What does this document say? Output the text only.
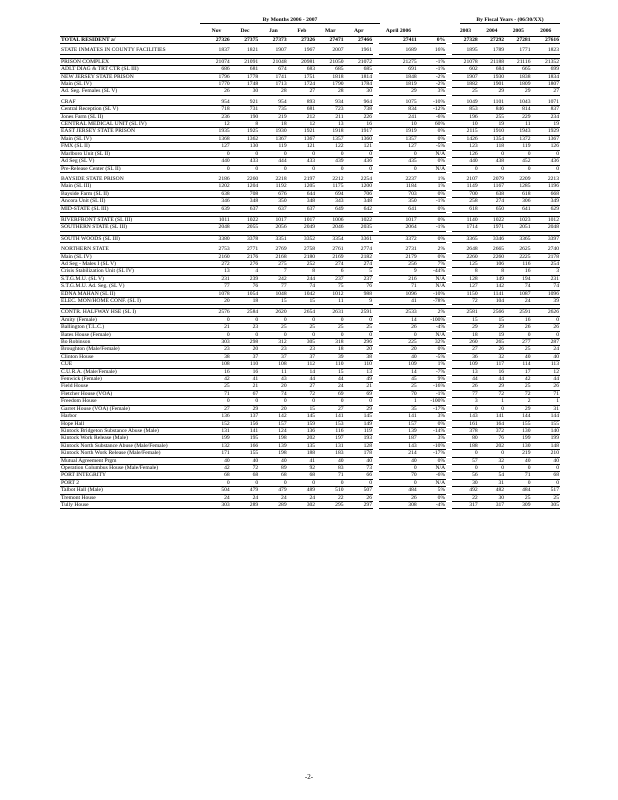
By Months 2006 - 2007	By Fiscal Years - (06/30/XX)
	Nov	Dec	Jan	Feb	Mar	Apr		April 2006			2003	2004	2005	2006
TOTAL RESIDENT a/	27326	27375	27373	27326	27471	27466		27411	0%		27328	27292	27281	27616

STATE INMATES IN COUNTY FACILITIES	1837	1821	1907	1967	2007	1961		1689	16%		1895	1789	1771	1823

PRISON COMPLEX	21074	21091	21048	20981	21050	21072		21275	-1%		21078	21188	21116	21352
ADLT DIAG & TRT CTR (SL III)	686	681	674	683	685	685		691	-1%		602	684	665	699
NEW JERSEY STATE PRISON	1796	1778	1741	1751	1818	1814		1848	-2%		1907	1930	1838	1834
Main (SL IV)	1770	1748	1713	1724	1790	1784		1819	-2%		1882	1901	1809	1807
Ad. Seg. Females (SL V)	26	30	28	27	28	30		29	3%		25	29	29	27

CRAF	954	921	954	893	934	964		1075	-10%		1049	1101	1043	1071
Central Reception (SL V)	718	731	735	681	723	738		834	-12%		853	846	814	837
Jones Farm (SL II)	236	190	219	212	211	226		241	-6%		196	255	229	234
CENTRAL MEDICAL UNIT (SL IV)	12	8	18	12	13	16		10	60%		10	19	11	19
EAST JERSEY STATE PRISON	1935	1925	1930	1921	1918	1917		1919	0%		2115	1910	1943	1929
Main (SL IV)	1368	1362	1367	1367	1357	1360		1357	0%		1426	1354	1372	1367
FMX (SL II)	127	130	119	121	122	121		127	-5%		123	118	119	126
Marlboro Unit (SL II)	0	0	0	0	0	0		0	N/A		126	0	0	0
Ad Seg (SL V)	440	433	444	433	439	436		435	0%		440	438	452	436
Pre-Release Center (SL II)	0	0	0	0	0	0		0	N/A		0	0	0	0

BAYSIDE STATE PRISON	2186	2260	2218	2197	2212	2254		2237	1%		2107	2079	2209	2213
Main (SL III)	1202	1204	1192	1205	1175	1200		1184	1%		1149	1167	1285	1196
Bayside Farm (SL II)	638	708	676	644	694	706		703	0%		700	638	618	668
Ancora Unit (SL II)	346	348	350	348	343	348		350	-1%		258	274	306	349
MID-STATE (SL III)	639	637	637	637	649	642		641	0%		618	650	641	629

RIVERFRONT STATE (SL III)	1011	1022	1017	1017	1006	1022		1017	0%		1140	1022	1023	1012
SOUTHERN STATE (SL III)	2048	2055	2056	2049	2046	2035		2064	-1%		1714	1971	2051	2048

SOUTH WOODS (SL III)	3380	3378	3351	3352	3354	3361		3372	0%		3365	3346	3365	3397

NORTHERN STATE	2753	2771	2769	2758	2761	2774		2731	2%		2648	2665	2625	2740
Main (SL IV)	2160	2176	2168	2180	2169	2182		2179	0%		2260	2260	2225	2178
Ad Seg - Males I (SL V)	272	276	275	252	274	274		256	7%		125	106	116	254
Crisis Stabilization Unit (SL IV)	13	4	7	8	6	5		9	-44%		8	8	16	3
S.T.G.M.U. (SL V)	231	239	242	244	237	237		216	N/A		128	149	194	231
S.T.G.M.U. Ad. Seg. (SL V)	77	76	77	74	75	76		71	N/A		127	142	74	74
EDNA MAHAN (SL II)	1078	1054	1048	1042	1012	988		1096	-10%		1150	1141	1087	1096
ELEC. MON/HOME CONF. (SL I)	20	18	15	15	11	9		41	-78%		72	104	24	39

CONTR. HALFWAY HSE (SL I)	2576	2584	2620	2654	2631	2591		2533	2%		2581	2566	2591	2626
Amity (Female)	0	0	0	0	0	0		14	-100%		15	15	16	0
Ballington (T.L.C.)	21	23	25	25	25	25		26	-4%		29	29	26	26
Bates House (Female)	0	0	0	0	0	0		0	N/A		18	19	0	0
Bo Robinson	303	298	312	305	318	296		225	32%		260	265	277	287
Broughton (Male/Female)	23	20	23	23	18	20		20	0%		27	26	25	24
Clinton House	38	37	37	37	39	38		40	-5%		36	32	40	40
CUE	108	110	108	112	110	110		109	1%		109	117	114	113
C.U.R.A. (Male/Female)	16	16	11	14	15	13		14	-7%		13	16	17	12
Fenwick (Female)	42	41	43	44	44	49		45	9%		44	44	42	44
Field House	25	21	20	27	24	21		25	-16%		26	29	25	26
Fletcher House (VOA)	71	67	74	72	69	69		70	-1%		77	72	72	71
Freedom House	0	0	0	0	0	0		1	-100%		3	1	2	1
Garret House (VOA) (Female)	27	29	20	15	27	29		35	-17%		0	0	29	31
Harbor	136	137	142	145	141	145		141	3%		143	141	144	144
Hope Hall	152	156	157	159	153	149		157	0%		161	164	155	155
Kintock Bridgeton Substance Abuse (Male)	131	141	124	136	116	119		139	-14%		378	372	130	140
Kintock Work Release (Male)	199	195	198	202	197	193		187	3%		80	76	199	199
Kintock North Substance Abuse (Male/Female)	132	166	139	135	131	128		143	-10%		188	202	130	148
Kintock North Work Release (Male/Female)	171	155	198	188	183	178		214	-17%		0	0	219	210
Mutual Agreement Prgm	40	40	40	41	40	40		40	0%		57	32	40	40
Operation Columbus House (Male/Female)	42	72	89	92	83	73		0	N/A		0	0	0	0
PORT INTEGRITY	68	68	68	68	71	66		70	-6%		56	54	71	68
PORT 2	0	0	0	0	0	0		0	N/A		30	31	0	0
Talbot Hall (Male)	504	479	479	489	510	507		484	5%		492	482	484	517
Tremont House	24	24	24	24	22	26		26	0%		22	30	25	25
Tully House	303	289	289	302	295	297		308	-4%		317	317	309	305
-2-
